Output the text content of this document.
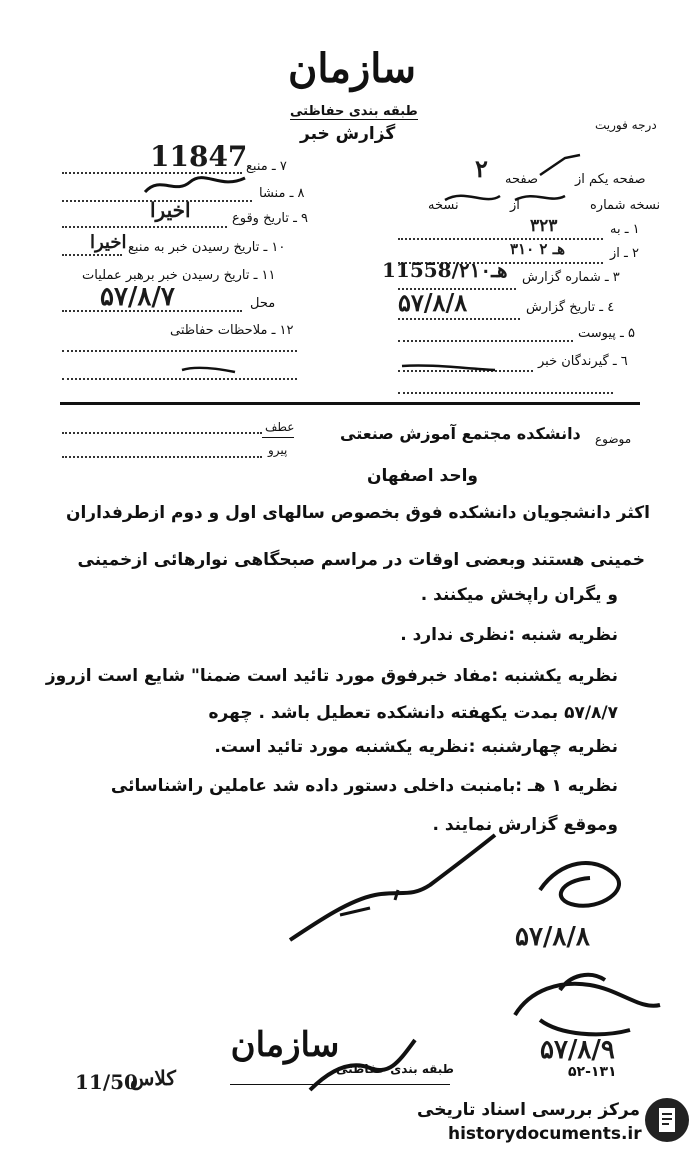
سازمان
طبقه بندی حفاظتی
گزارش خبر	درجه فوریت
۷ ـ منبع
11847
۸ ـ منشا
۹ ـ تاریخ وقوع
اخیرا
۱۰ ـ تاریخ رسیدن خبر به منبع
اخیرا
۱۱ ـ تاریخ رسیدن خبر برهبر عملیات
محل
۵۷/۸/۷
۱۲ ـ ملاحظات حفاظتی
صفحه یکم از
صفحه
۲
نسخه شماره
از
نسخه
۱ ـ به
۳۲۳
۲ ـ از
۳۱۰ هـ ۲
۳ ـ شماره گزارش
11558/۲۱۰هـ
٤ ـ تاریخ گزارش
۵۷/۸/۸
۵ ـ پیوست
٦ ـ گیرندگان خبر
موضوع
دانشکده مجتمع آموزش صنعتی
عطف
پیرو
واحد اصفهان
اکثر دانشجویان دانشکده فوق بخصوص سالهای اول و دوم ازطرفداران
خمینی هستند وبعضی اوقات در مراسم صبحگاهی نوارهائی ازخمینی
و یگران راپخش میکنند .
نظریه شنبه :نظری ندارد .
نظریه یکشنبه :مفاد خبرفوق مورد تائید است ضمنا" شایع است ازروز
۵۷/۸/۷ بمدت یکهفته دانشکده تعطیل باشد . چهره
نظریه چهارشنبه :نظریه یکشنبه مورد تائید است.
نظریه ۱ هـ :بامنبت داخلی دستور داده شد عاملین راشناسائی
وموقع گزارش نمایند .
۵۷/۸/۸
۵۷/۸/۹
۵۲-۱۳۱
سازمان
طبقه بندی حفاظتی
11/50
کلاس
مرکز بررسی اسناد تاریخی
historydocuments.ir
